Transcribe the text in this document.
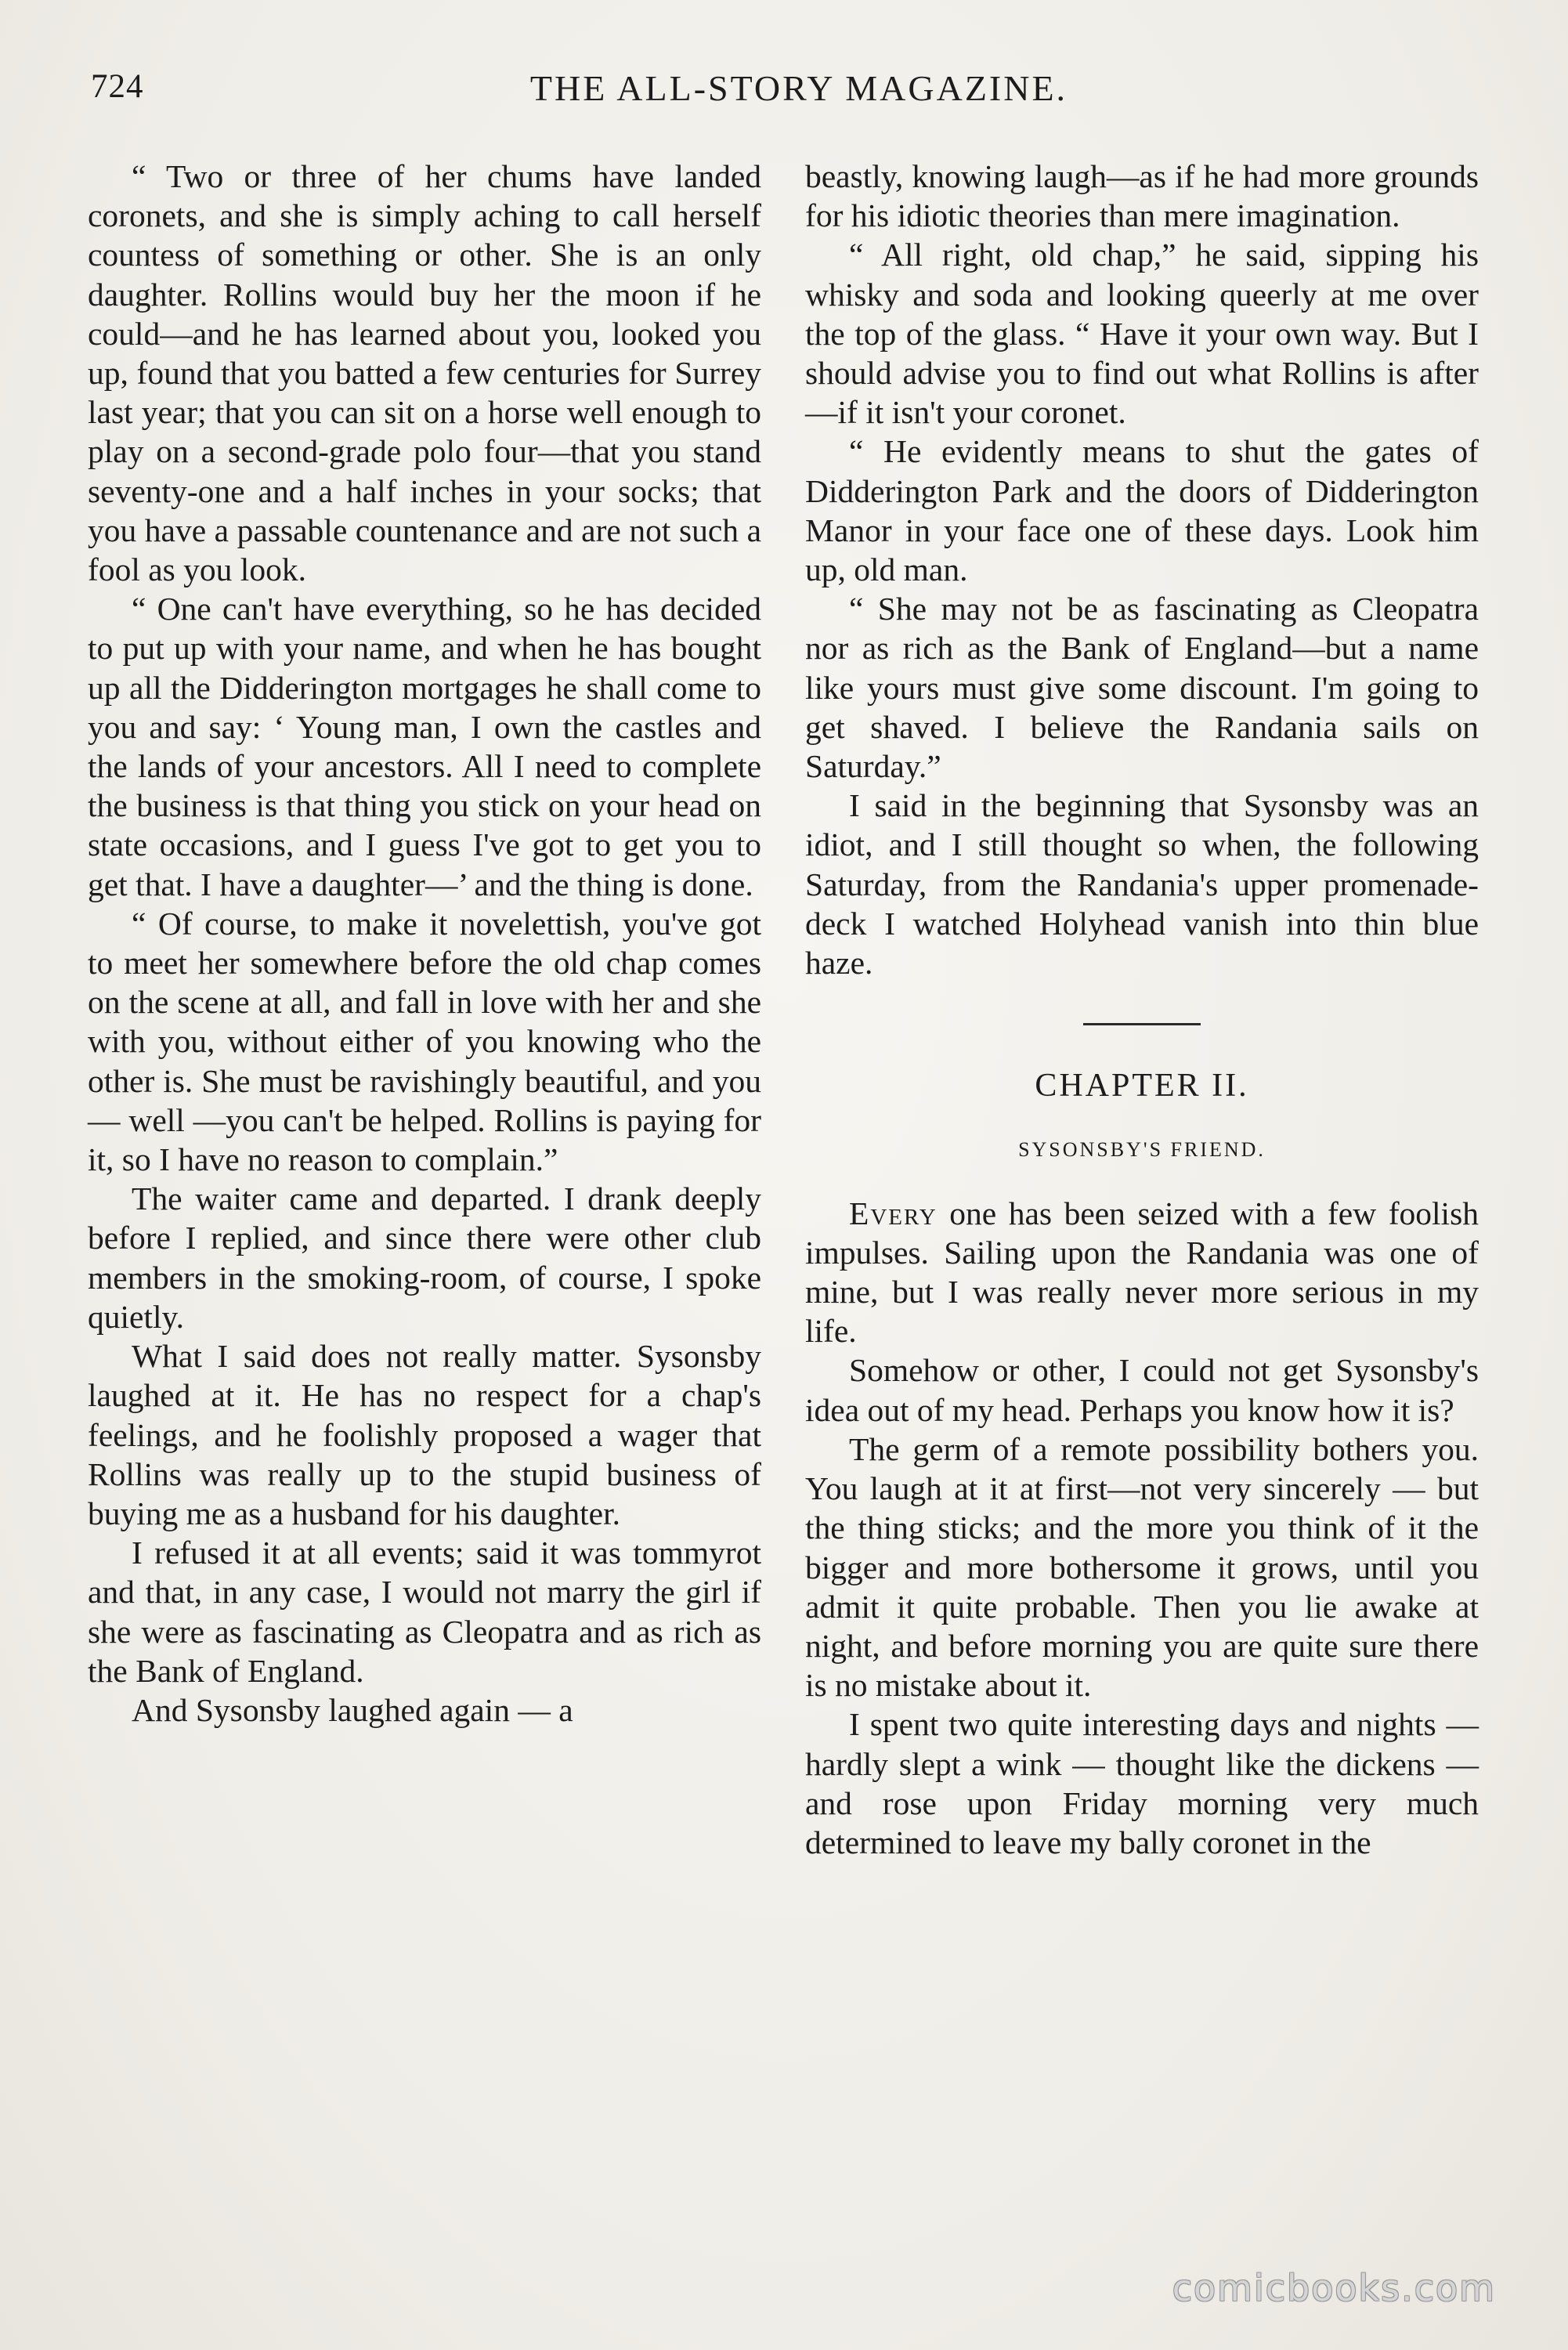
724	THE ALL-STORY MAGAZINE.

“ Two or three of her chums have landed coronets, and she is simply aching to call herself countess of something or other. She is an only daughter. Rollins would buy her the moon if he could—and he has learned about you, looked you up, found that you batted a few centuries for Surrey last year; that you can sit on a horse well enough to play on a second-grade polo four—that you stand seventy-one and a half inches in your socks; that you have a passable countenance and are not such a fool as you look.

“ One can't have everything, so he has decided to put up with your name, and when he has bought up all the Didderington mortgages he shall come to you and say: ‘ Young man, I own the castles and the lands of your ancestors. All I need to complete the business is that thing you stick on your head on state occasions, and I guess I've got to get you to get that. I have a daughter—’ and the thing is done.

“ Of course, to make it novelettish, you've got to meet her somewhere before the old chap comes on the scene at all, and fall in love with her and she with you, without either of you knowing who the other is. She must be ravishingly beautiful, and you — well —you can't be helped. Rollins is paying for it, so I have no reason to complain.”

The waiter came and departed. I drank deeply before I replied, and since there were other club members in the smoking-room, of course, I spoke quietly.

What I said does not really matter. Sysonsby laughed at it. He has no respect for a chap's feelings, and he foolishly proposed a wager that Rollins was really up to the stupid business of buying me as a husband for his daughter.

I refused it at all events; said it was tommyrot and that, in any case, I would not marry the girl if she were as fascinating as Cleopatra and as rich as the Bank of England.

And Sysonsby laughed again — a

beastly, knowing laugh—as if he had more grounds for his idiotic theories than mere imagination.

“ All right, old chap,” he said, sipping his whisky and soda and looking queerly at me over the top of the glass. “ Have it your own way. But I should advise you to find out what Rollins is after—if it isn't your coronet.

“ He evidently means to shut the gates of Didderington Park and the doors of Didderington Manor in your face one of these days. Look him up, old man.

“ She may not be as fascinating as Cleopatra nor as rich as the Bank of England—but a name like yours must give some discount. I'm going to get shaved. I believe the Randania sails on Saturday.”

I said in the beginning that Sysonsby was an idiot, and I still thought so when, the following Saturday, from the Randania's upper promenade-deck I watched Holyhead vanish into thin blue haze.

CHAPTER II.
SYSONSBY'S FRIEND.

Every one has been seized with a few foolish impulses. Sailing upon the Randania was one of mine, but I was really never more serious in my life.

Somehow or other, I could not get Sysonsby's idea out of my head. Perhaps you know how it is?

The germ of a remote possibility bothers you. You laugh at it at first—not very sincerely — but the thing sticks; and the more you think of it the bigger and more bothersome it grows, until you admit it quite probable. Then you lie awake at night, and before morning you are quite sure there is no mistake about it.

I spent two quite interesting days and nights — hardly slept a wink — thought like the dickens — and rose upon Friday morning very much determined to leave my bally coronet in the

comicbooks.com
